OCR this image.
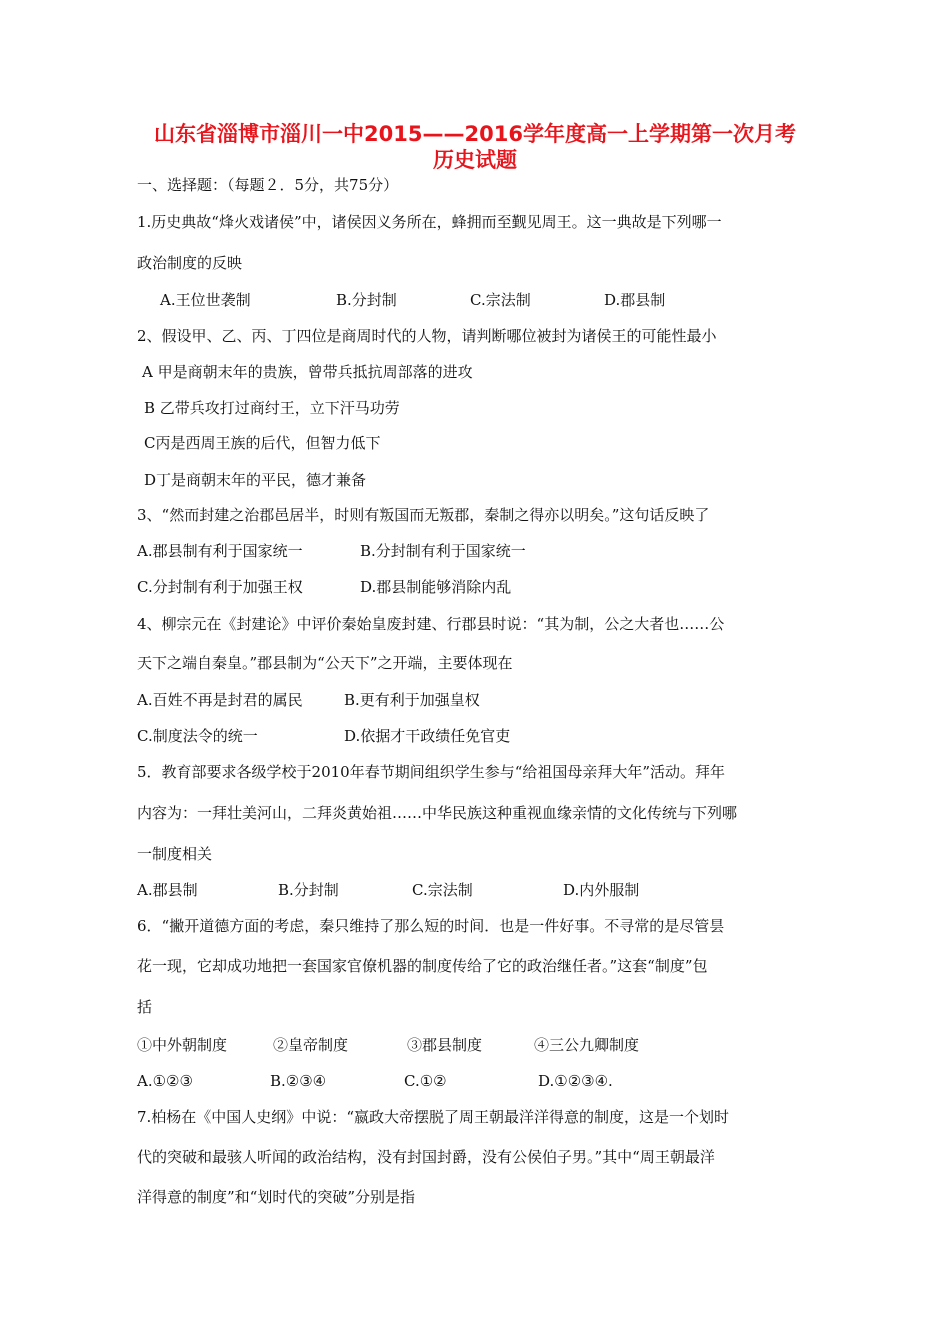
山东省淄博市淄川一中2015——2016学年度高一上学期第一次月考
历史试题
一、选择题：（每题２．5分，共75分）
1.历史典故“烽火戏诸侯”中，诸侯因义务所在，蜂拥而至觐见周王。这一典故是下列哪一
政治制度的反映
A.王位世袭制	B.分封制	C.宗法制	D.郡县制
2、假设甲、乙、丙、丁四位是商周时代的人物，请判断哪位被封为诸侯王的可能性最小
A 甲是商朝末年的贵族，曾带兵抵抗周部落的进攻
B 乙带兵攻打过商纣王，立下汗马功劳
C丙是西周王族的后代，但智力低下
D丁是商朝末年的平民，德才兼备
3、“然而封建之治郡邑居半，时则有叛国而无叛郡，秦制之得亦以明矣。”这句话反映了
A.郡县制有利于国家统一	B.分封制有利于国家统一
C.分封制有利于加强王权	D.郡县制能够消除内乱
4、柳宗元在《封建论》中评价秦始皇废封建、行郡县时说：“其为制，公之大者也……公
天下之端自秦皇。”郡县制为“公天下”之开端，主要体现在
A.百姓不再是封君的属民	B.更有利于加强皇权
C.制度法令的统一	D.依据才干政绩任免官吏
5．教育部要求各级学校于2010年春节期间组织学生参与“给祖国母亲拜大年”活动。拜年
内容为：一拜壮美河山，二拜炎黄始祖……中华民族这种重视血缘亲情的文化传统与下列哪
一制度相关
A.郡县制	B.分封制	C.宗法制	D.内外服制
6．“撇开道德方面的考虑，秦只维持了那么短的时间．也是一件好事。不寻常的是尽管昙
花一现，它却成功地把一套国家官僚机器的制度传给了它的政治继任者。”这套“制度”包
括
①中外朝制度	②皇帝制度	③郡县制度	④三公九卿制度
A.①②③	B.②③④	C.①②	D.①②③④.
7.柏杨在《中国人史纲》中说：“嬴政大帝摆脱了周王朝最洋洋得意的制度，这是一个划时
代的突破和最骇人听闻的政治结构，没有封国封爵，没有公侯伯子男。”其中“周王朝最洋
洋得意的制度”和“划时代的突破”分别是指
